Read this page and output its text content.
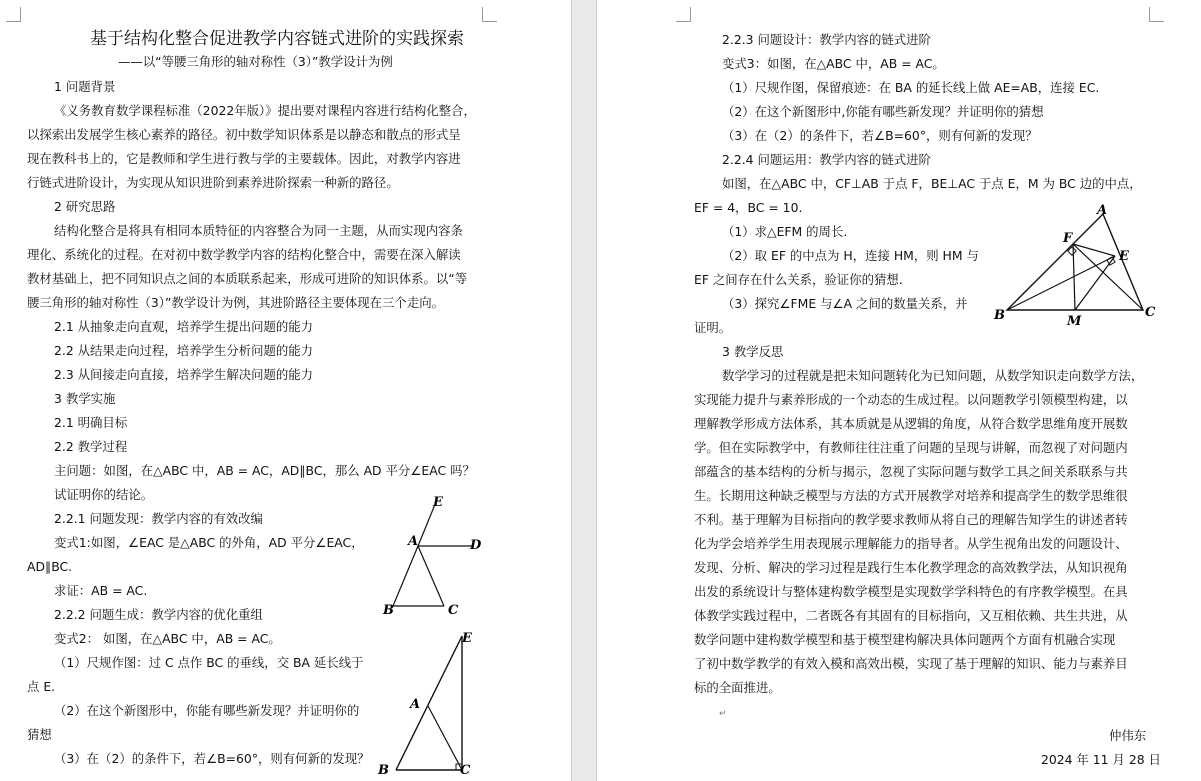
基于结构化整合促进教学内容链式进阶的实践探索
——以“等腰三角形的轴对称性（3）”教学设计为例
1 问题背景
《义务教育数学课程标准（2022年版）》提出要对课程内容进行结构化整合，
以探索出发展学生核心素养的路径。初中数学知识体系是以静态和散点的形式呈
现在教科书上的，它是教师和学生进行教与学的主要载体。因此，对教学内容进
行链式进阶设计，为实现从知识进阶到素养进阶探索一种新的路径。
2 研究思路
结构化整合是将具有相同本质特征的内容整合为同一主题，从而实现内容条
理化、系统化的过程。在对初中数学教学内容的结构化整合中，需要在深入解读
教材基础上，把不同知识点之间的本质联系起来，形成可进阶的知识体系。以“等
腰三角形的轴对称性（3）”教学设计为例，其进阶路径主要体现在三个走向。
2.1 从抽象走向直观，培养学生提出问题的能力
2.2 从结果走向过程，培养学生分析问题的能力
2.3 从间接走向直接，培养学生解决问题的能力
3 教学实施
2.1 明确目标
2.2 教学过程
主问题：如图，在△ABC 中，AB = AC，AD∥BC，那么 AD 平分∠EAC 吗？
试证明你的结论。
2.2.1 问题发现：教学内容的有效改编
变式1:如图，∠EAC 是△ABC 的外角，AD 平分∠EAC，
AD∥BC.
求证：AB = AC.
2.2.2 问题生成：教学内容的优化重组
变式2： 如图，在△ABC 中，AB = AC。
（1）尺规作图：过 C 点作 BC 的垂线，交 BA 延长线于
点 E.
（2）在这个新图形中，你能有哪些新发现？并证明你的
猜想
（3）在（2）的条件下，若∠B=60°，则有何新的发现？
E
A	D
B	C
E
A
B	C
2.2.3 问题设计：教学内容的链式进阶
变式3：如图，在△ABC 中，AB = AC。
（1）尺规作图，保留痕迹：在 BA 的延长线上做 AE=AB，连接 EC.
（2）在这个新图形中,你能有哪些新发现？并证明你的猜想
（3）在（2）的条件下，若∠B=60°，则有何新的发现？
2.2.4 问题运用：教学内容的链式进阶
如图，在△ABC 中，CF⊥AB 于点 F，BE⊥AC 于点 E，M 为 BC 边的中点，
EF = 4，BC = 10.
（1）求△EFM 的周长.
（2）取 EF 的中点为 H，连接 HM，则 HM 与
EF 之间存在什么关系，验证你的猜想.
（3）探究∠FME 与∠A 之间的数量关系，并
证明。
3 教学反思
数学学习的过程就是把未知问题转化为已知问题，从数学知识走向数学方法，
实现能力提升与素养形成的一个动态的生成过程。以问题教学引领模型构建，以
理解教学形成方法体系，其本质就是从逻辑的角度，从符合数学思维角度开展数
学。但在实际教学中，有教师往往注重了问题的呈现与讲解，而忽视了对问题内
部蕴含的基本结构的分析与揭示，忽视了实际问题与数学工具之间关系联系与共
生。长期用这种缺乏模型与方法的方式开展教学对培养和提高学生的数学思维很
不利。基于理解为目标指向的教学要求教师从将自己的理解告知学生的讲述者转
化为学会培养学生用表现展示理解能力的指导者。从学生视角出发的问题设计、
发现、分析、解决的学习过程是践行生本化教学理念的高效教学法，从知识视角
出发的系统设计与整体建构数学模型是实现数学学科特色的有序教学模型。在具
体教学实践过程中，二者既各有其固有的目标指向，又互相依赖、共生共进，从
数学问题中建构数学模型和基于模型建构解决具体问题两个方面有机融合实现
了初中数学教学的有效入模和高效出模，实现了基于理解的知识、能力与素养目
标的全面推进。
↵
仲伟东
2024 年 11 月 28 日
A
F
E
B	M
C
